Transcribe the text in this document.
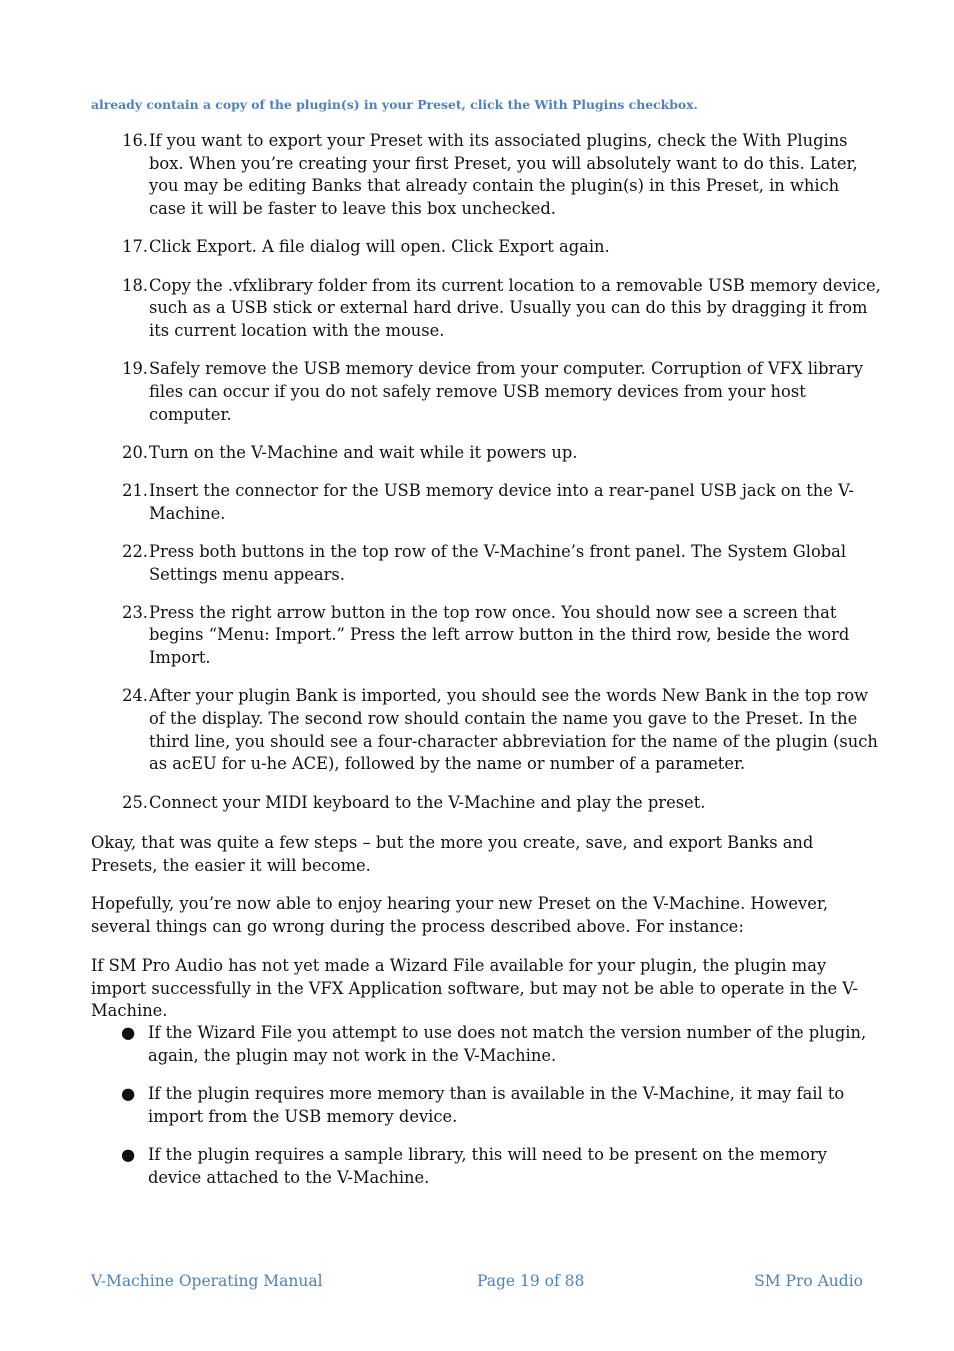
already contain a copy of the plugin(s) in your Preset, click the With Plugins checkbox.
16. If you want to export your Preset with its associated plugins, check the With Plugins box. When you’re creating your first Preset, you will absolutely want to do this. Later, you may be editing Banks that already contain the plugin(s) in this Preset, in which case it will be faster to leave this box unchecked.
17. Click Export. A file dialog will open. Click Export again.
18. Copy the .vfxlibrary folder from its current location to a removable USB memory device, such as a USB stick or external hard drive. Usually you can do this by dragging it from its current location with the mouse.
19. Safely remove the USB memory device from your computer. Corruption of VFX library files can occur if you do not safely remove USB memory devices from your host computer.
20. Turn on the V-Machine and wait while it powers up.
21. Insert the connector for the USB memory device into a rear-panel USB jack on the V-Machine.
22. Press both buttons in the top row of the V-Machine’s front panel. The System Global Settings menu appears.
23. Press the right arrow button in the top row once. You should now see a screen that begins “Menu: Import.” Press the left arrow button in the third row, beside the word Import.
24. After your plugin Bank is imported, you should see the words New Bank in the top row of the display. The second row should contain the name you gave to the Preset. In the third line, you should see a four-character abbreviation for the name of the plugin (such as acEU for u-he ACE), followed by the name or number of a parameter.
25. Connect your MIDI keyboard to the V-Machine and play the preset.

Okay, that was quite a few steps – but the more you create, save, and export Banks and Presets, the easier it will become.

Hopefully, you’re now able to enjoy hearing your new Preset on the V-Machine. However, several things can go wrong during the process described above. For instance:

If SM Pro Audio has not yet made a Wizard File available for your plugin, the plugin may import successfully in the VFX Application software, but may not be able to operate in the V-Machine.

● If the Wizard File you attempt to use does not match the version number of the plugin, again, the plugin may not work in the V-Machine.
● If the plugin requires more memory than is available in the V-Machine, it may fail to import from the USB memory device.
● If the plugin requires a sample library, this will need to be present on the memory device attached to the V-Machine.
V-Machine Operating Manual	Page 19 of 88	SM Pro Audio
